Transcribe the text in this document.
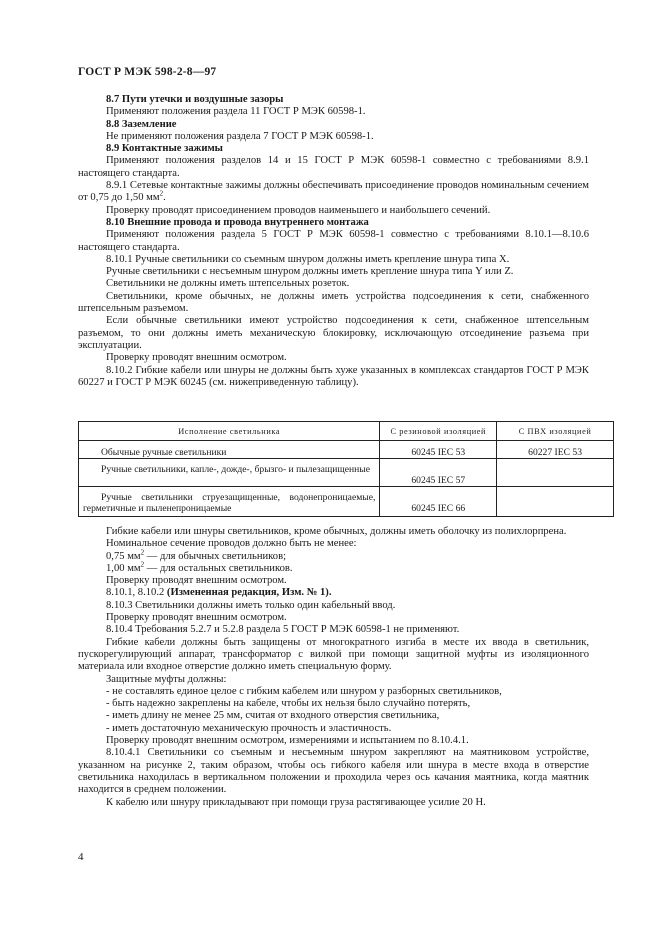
ГОСТ Р МЭК 598-2-8—97

8.7 Пути утечки и воздушные зазоры

Применяют положения раздела 11 ГОСТ Р МЭК 60598-1.

8.8 Заземление

Не применяют положения раздела 7 ГОСТ Р МЭК 60598-1.

8.9 Контактные зажимы

Применяют положения разделов 14 и 15 ГОСТ Р МЭК 60598-1 совместно с требованиями 8.9.1 настоящего стандарта.

8.9.1 Сетевые контактные зажимы должны обеспечивать присоединение проводов номинальным сечением от 0,75 до 1,50 $мм^2$.

Проверку проводят присоединением проводов наименьшего и наибольшего сечений.

8.10 Внешние провода и провода внутреннего монтажа

Применяют положения раздела 5 ГОСТ Р МЭК 60598-1 совместно с требованиями 8.10.1—8.10.6 настоящего стандарта.

8.10.1 Ручные светильники со съемным шнуром должны иметь крепление шнура типа X.

Ручные светильники с несъемным шнуром должны иметь крепление шнура типа Y или Z.

Светильники не должны иметь штепсельных розеток.

Светильники, кроме обычных, не должны иметь устройства подсоединения к сети, снабженного штепсельным разъемом.

Если обычные светильники имеют устройство подсоединения к сети, снабженное штепсельным разъемом, то они должны иметь механическую блокировку, исключающую отсоединение разъема при эксплуатации.

Проверку проводят внешним осмотром.

8.10.2 Гибкие кабели или шнуры не должны быть хуже указанных в комплексах стандартов ГОСТ Р МЭК 60227 и ГОСТ Р МЭК 60245 (см. нижеприведенную таблицу).

Исполнение светильника	С резиновой изоляцией	С ПВХ изоляцией
Обычные ручные светильники	60245 IEC 53	60227 IEC 53
Ручные светильники, капле-, дожде-, брызго- и пылезащищенные	60245 IEC 57	
Ручные светильники струезащищенные, водонепроницаемые, герметичные и пыленепроницаемые	60245 IEC 66	

Гибкие кабели или шнуры светильников, кроме обычных, должны иметь оболочку из полихлорпрена.

Номинальное сечение проводов должно быть не менее:

0,75 $мм^2$ — для обычных светильников;

1,00 $мм^2$ — для остальных светильников.

Проверку проводят внешним осмотром.

8.10.1, 8.10.2 (Измененная редакция, Изм. № 1).

8.10.3 Светильники должны иметь только один кабельный ввод.

Проверку проводят внешним осмотром.

8.10.4 Требования 5.2.7 и 5.2.8 раздела 5 ГОСТ Р МЭК 60598-1 не применяют.

Гибкие кабели должны быть защищены от многократного изгиба в месте их ввода в светильник, пускорегулирующий аппарат, трансформатор с вилкой при помощи защитной муфты из изоляционного материала или входное отверстие должно иметь специальную форму.

Защитные муфты должны:

- не составлять единое целое с гибким кабелем или шнуром у разборных светильников,

- быть надежно закреплены на кабеле, чтобы их нельзя было случайно потерять,

- иметь длину не менее 25 мм, считая от входного отверстия светильника,

- иметь достаточную механическую прочность и эластичность.

Проверку проводят внешним осмотром, измерениями и испытанием по 8.10.4.1.

8.10.4.1 Светильники со съемным и несъемным шнуром закрепляют на маятниковом устройстве, указанном на рисунке 2, таким образом, чтобы ось гибкого кабеля или шнура в месте входа в отверстие светильника находилась в вертикальном положении и проходила через ось качания маятника, когда маятник находится в среднем положении.

К кабелю или шнуру прикладывают при помощи груза растягивающее усилие 20 Н.

4
